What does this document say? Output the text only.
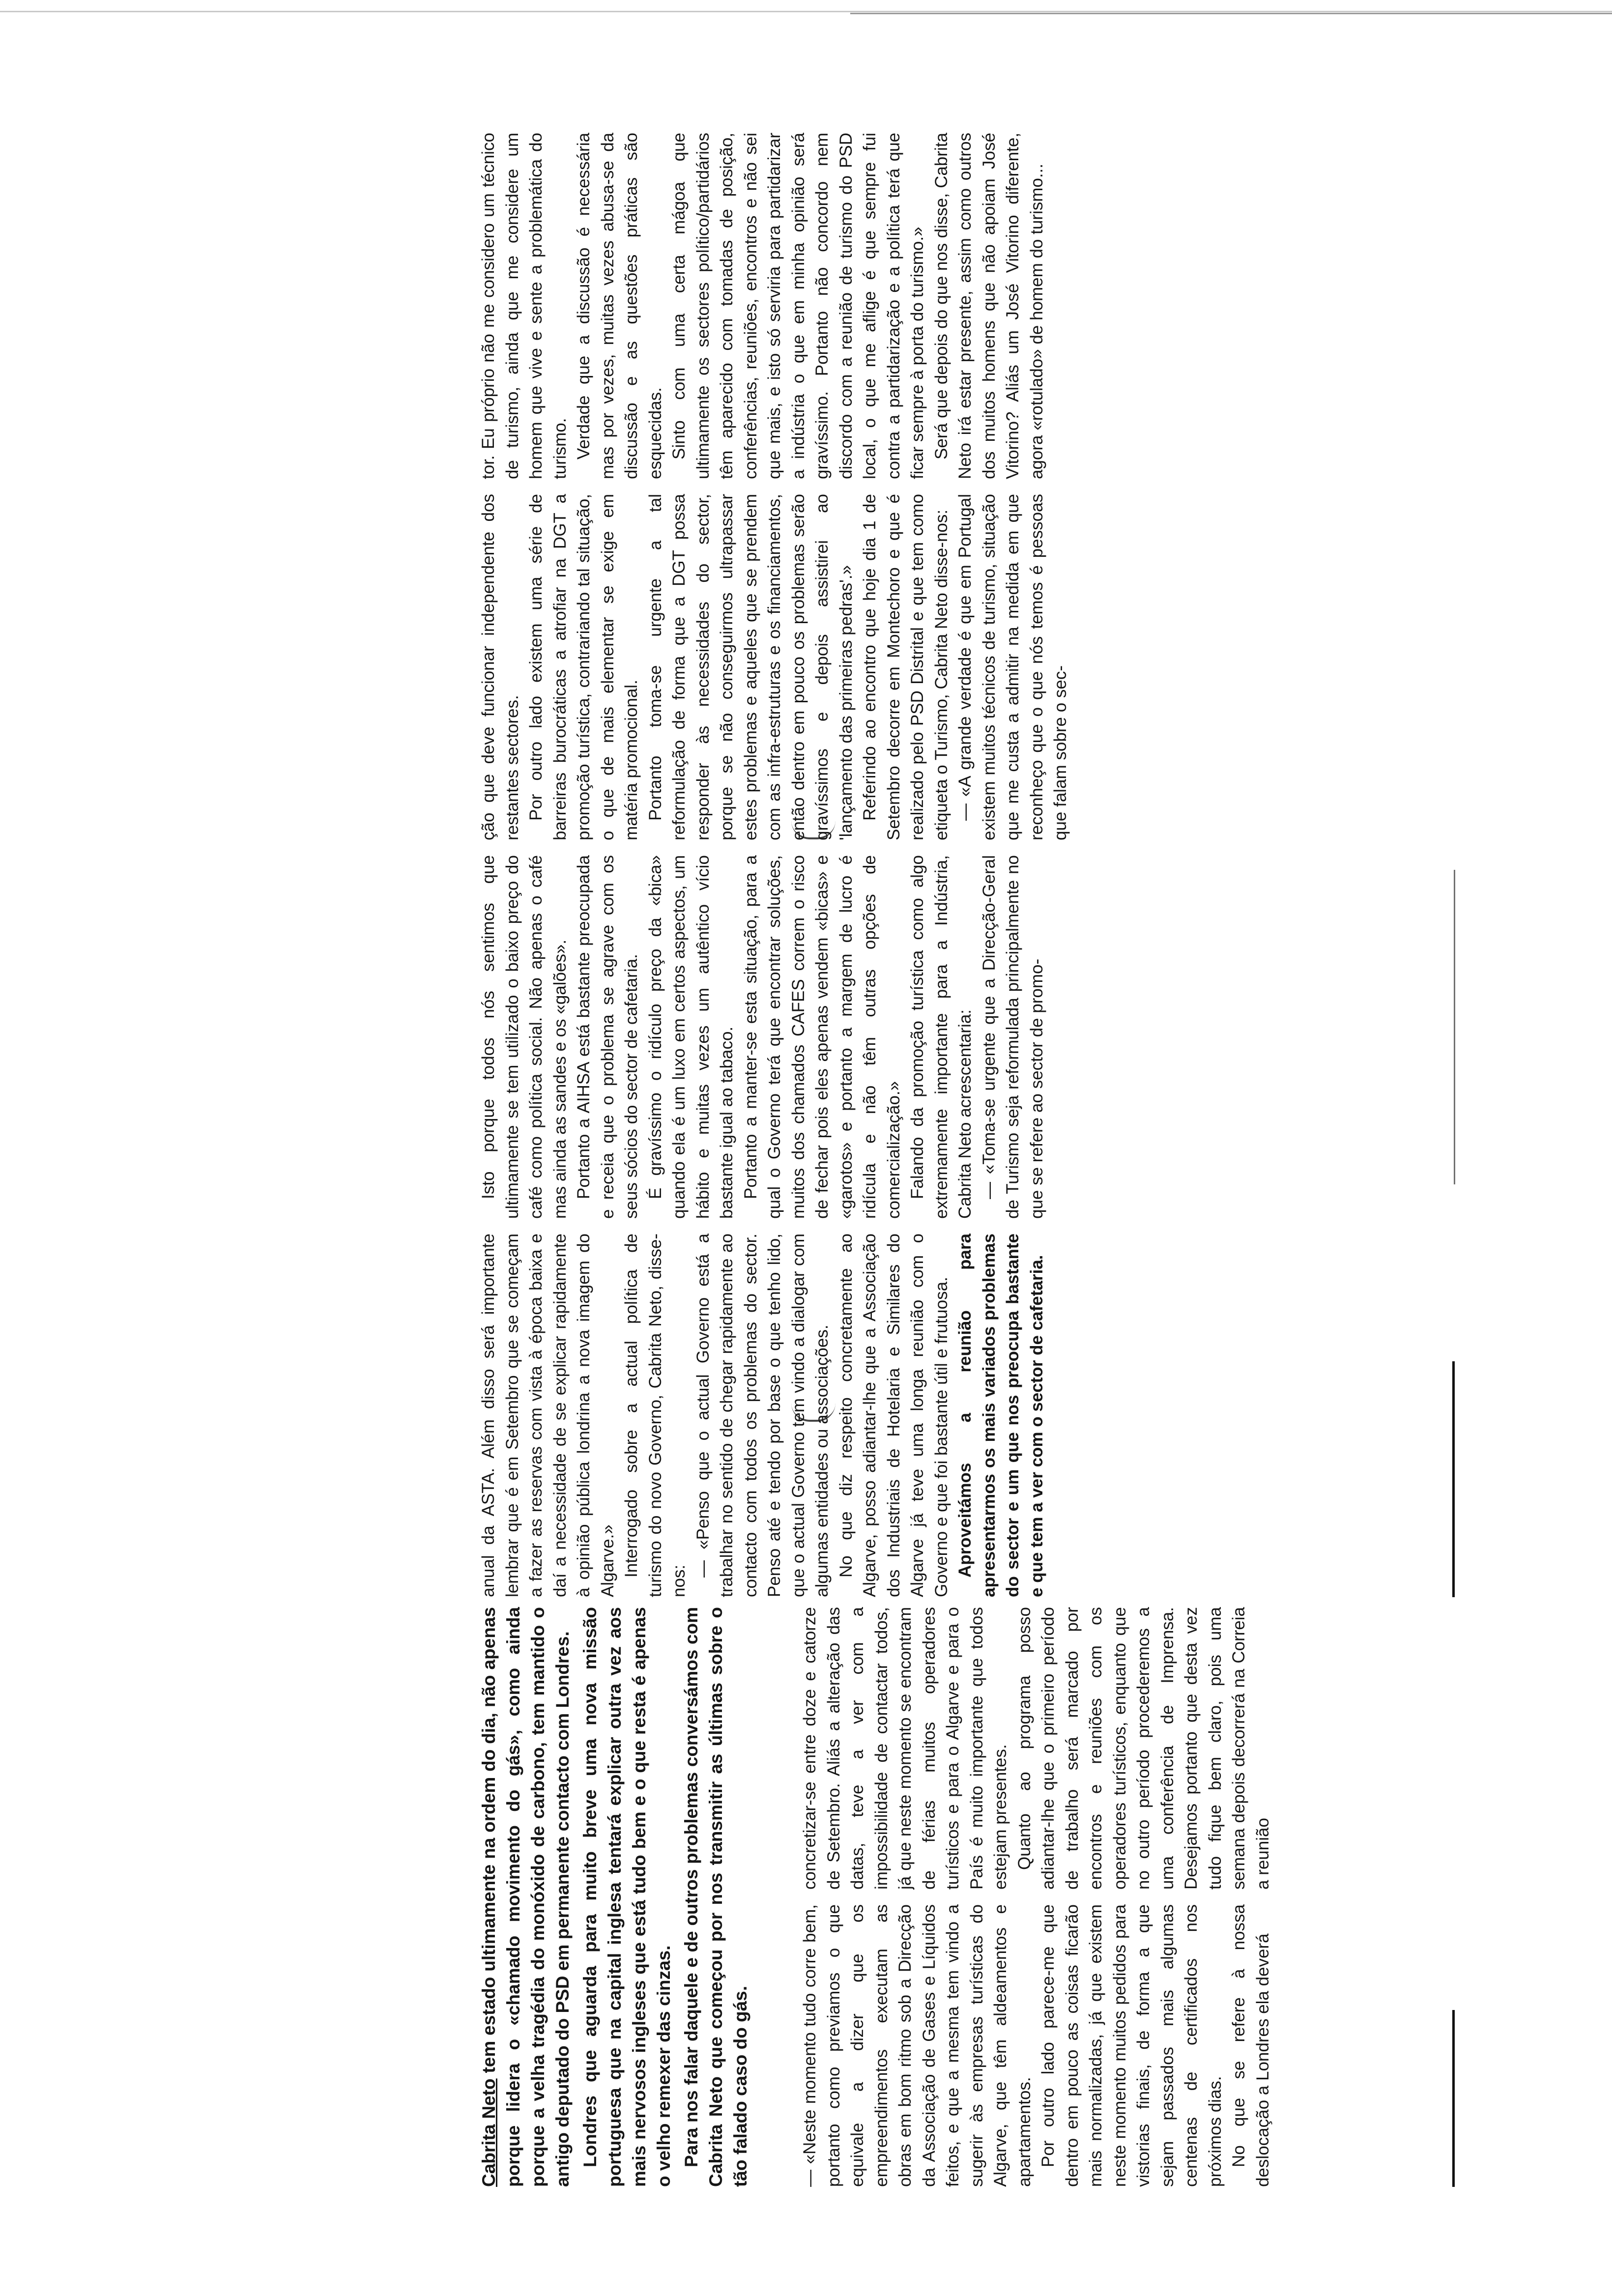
Cabrita Neto tem estado ultimamente na ordem do dia, não apenas porque lidera o «chamado movimento do gás», como ainda porque a velha tragédia do monóxido de carbono, tem mantido o antigo deputado do PSD em permanente contacto com Londres. Londres que aguarda para muito breve uma nova missão portuguesa que na capital inglesa tentará explicar outra vez aos mais nervosos ingleses que está tudo bem e o que resta é apenas o velho remexer das cinzas. Para nos falar daquele e de outros problemas conversámos com Cabrita Neto que começou por nos transmitir as últimas sobre o tão falado caso do gás.	— «Neste momento tudo corre bem, portanto como previamos o que equivale a dizer que os empreendimentos executam as obras em bom ritmo sob a Direcção da Associação de Gases e Líquidos feitos, e que a mesma tem vindo a sugerir às empresas turísticas do Algarve, que têm aldeamentos e apartamentos. Por outro lado parece-me que dentro em pouco as coisas ficarão mais normalizadas, já que existem neste momento muitos pedidos para vistorias finais, de forma a que sejam passados mais algumas centenas de certificados nos próximos dias. No que se refere à nossa deslocação a Londres ela deverá

concretizar-se entre doze e catorze de Setembro. Aliás a alteração das datas, teve a ver com a impossibilidade de contactar todos, já que neste momento se encontram de férias muitos operadores turísticos e para o Algarve e para o País é muito importante que todos estejam presentes. Quanto ao programa posso adiantar-lhe que o primeiro período de trabalho será marcado por encontros e reuniões com os operadores turísticos, enquanto que no outro período procederemos a uma conferência de Imprensa. Desejamos portanto que desta vez tudo fique bem claro, pois uma semana depois decorrerá na Correia a reunião

anual da ASTA. Além disso será importante lembrar que é em Setembro que se começam a fazer as reservas com vista à época baixa e daí a necessidade de se explicar rapidamente à opinião pública londrina a nova imagem do Algarve.» Interrogado sobre a actual política de turismo do novo Governo, Cabrita Neto, disse-nos:

— «Penso que o actual Governo está a trabalhar no sentido de chegar rapidamente ao contacto com todos os problemas do sector. Penso até e tendo por base o que tenho lido, que o actual Governo tem vindo a dialogar com algumas entidades ou associações. No que diz respeito concretamente ao Algarve, posso adiantar-lhe que a Associação dos Industriais de Hotelaria e Similares do Algarve já teve uma longa reunião com o Governo e que foi bastante útil e frutuosa. Aproveitámos a reunião para apresentarmos os mais variados problemas do sector e um que nos preocupa bastante e que tem a ver com o sector de cafetaria.

Isto porque todos nós sentimos que ultimamente se tem utilizado o baixo preço do café como política social. Não apenas o café mas ainda as sandes e os «galões». Portanto a AIHSA está bastante preocupada e receia que o problema se agrave com os seus sócios do sector de cafetaria. É gravíssimo o ridículo preço da «bica» quando ela é um luxo em certos aspectos, um hábito e muitas vezes um autêntico vício bastante igual ao tabaco. Portanto a manter-se esta situação, para a qual o Governo terá que encontrar soluções, muitos dos chamados CAFES correm o risco de fechar pois eles apenas vendem «bicas» e «garotos» e portanto a margem de lucro é ridícula e não têm outras opções de comercialização.» Falando da promoção turística como algo extremamente importante para a Indústria, Cabrita Neto acrescentaria: — «Toma-se urgente que a Direcção-Geral de Turismo seja reformulada principalmente no que se refere ao sector de promo-

ção que deve funcionar independente dos restantes sectores. Por outro lado existem uma série de barreiras burocráticas a atrofiar na DGT a promoção turística, contrariando tal situação, o que de mais elementar se exige em matéria promocional. Portanto toma-se urgente a tal reformulação de forma que a DGT possa responder às necessidades do sector, porque se não conseguirmos ultrapassar estes problemas e aqueles que se prendem com as infra-estruturas e os financiamentos, então dentro em pouco os problemas serão gravíssimos e depois assistirei ao 'lançamento das primeiras pedras'.» Referindo ao encontro que hoje dia 1 de Setembro decorre em Montechoro e que é realizado pelo PSD Distrital e que tem como etiqueta o Turismo, Cabrita Neto disse-nos: — «A grande verdade é que em Portugal existem muitos técnicos de turismo, situação que me custa a admitir na medida em que reconheço que o que nós temos é pessoas que falam sobre o sec-

tor. Eu próprio não me considero um técnico de turismo, ainda que me considere um homem que vive e sente a problemática do turismo. Verdade que a discussão é necessária mas por vezes, muitas vezes abusa-se da discussão e as questões práticas são esquecidas. Sinto com uma certa mágoa que ultimamente os sectores político/partidários têm aparecido com tomadas de posição, conferências, reuniões, encontros e não sei que mais, e isto só serviria para partidarizar a indústria o que em minha opinião será gravíssimo. Portanto não concordo nem discordo com a reunião de turismo do PSD local, o que me aflige é que sempre fui contra a partidarização e a política terá que ficar sempre à porta do turismo.» Será que depois do que nos disse, Cabrita Neto irá estar presente, assim como outros dos muitos homens que não apoiam José Vitorino? Aliás um José Vitorino diferente, agora «rotulado» de homem do turismo...
